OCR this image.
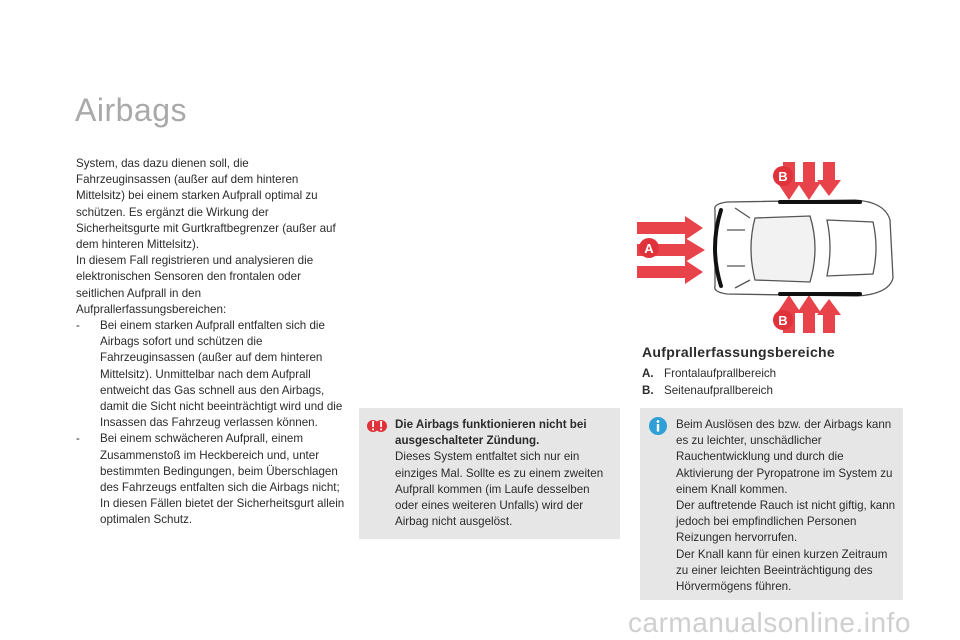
Airbags

System, das dazu dienen soll, die Fahrzeuginsassen (außer auf dem hinteren Mittelsitz) bei einem starken Aufprall optimal zu schützen. Es ergänzt die Wirkung der Sicherheitsgurte mit Gurtkraftbegrenzer (außer auf dem hinteren Mittelsitz).

In diesem Fall registrieren und analysieren die elektronischen Sensoren den frontalen oder seitlichen Aufprall in den Aufprallerfassungsbereichen:

-	Bei einem starken Aufprall entfalten sich die Airbags sofort und schützen die Fahrzeuginsassen (außer auf dem hinteren Mittelsitz). Unmittelbar nach dem Aufprall entweicht das Gas schnell aus den Airbags, damit die Sicht nicht beeinträchtigt wird und die Insassen das Fahrzeug verlassen können.
-	Bei einem schwächeren Aufprall, einem Zusammenstoß im Heckbereich und, unter bestimmten Bedingungen, beim Überschlagen des Fahrzeugs entfalten sich die Airbags nicht; In diesen Fällen bietet der Sicherheitsgurt allein optimalen Schutz.
Die Airbags funktionieren nicht bei ausgeschalteter Zündung.
Dieses System entfaltet sich nur ein einziges Mal. Sollte es zu einem zweiten Aufprall kommen (im Laufe desselben oder eines weiteren Unfalls) wird der Airbag nicht ausgelöst.
A
B
B
Aufprallerfassungsbereiche
A. Frontalaufprallbereich
B. Seitenaufprallbereich
Beim Auslösen des bzw. der Airbags kann es zu leichter, unschädlicher Rauchentwicklung und durch die Aktivierung der Pyropatrone im System zu einem Knall kommen.
Der auftretende Rauch ist nicht giftig, kann jedoch bei empfindlichen Personen Reizungen hervorrufen.
Der Knall kann für einen kurzen Zeitraum zu einer leichten Beeinträchtigung des Hörvermögens führen.
carmanualsonline.info
